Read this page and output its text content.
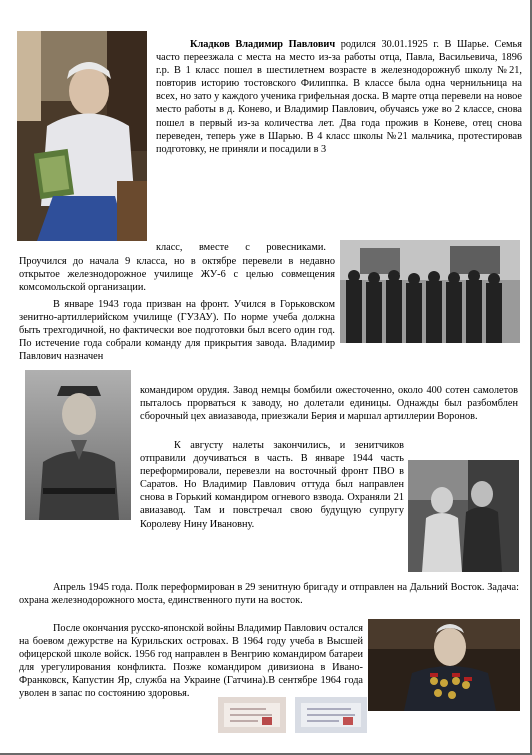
Кладков Владимир Павлович родился 30.01.1925 г. В Шарье. Семья часто переезжала с места на место из-за работы отца, Павла, Васильевича, 1896 г.р. В 1 класс пошел в шестилетнем возрасте в железнодорожнуб школу №21, повторив историю тостовского Филиппка. В классе была одна чернильница на всех, но зато у каждого ученика грифельная доска. В марте отца перевели на новое место работы в д. Конево, и Владимир Павлович, обучаясь уже во 2 классе, снова пошел в первый из-за количества лет. Два года прожив в Коневе, отец снова переведен, теперь уже в Шарью. В 4 класс школы №21 мальчика, протестировав подготовку, не приняли и посадили в 3

класс, вместе с ровесниками.

Проучился до начала 9 класса, но в октябре перевели в недавно открытое железнодорожное училище ЖУ-6 с целью совмещения комсомольской организации.

В январе 1943 года призван на фронт. Учился в Горьковском зенитно-артиллерийском училище (ГУЗАУ). По норме учеба должна быть трехгодичной, но фактически вое подготовки был всего один год. По истечение года собрали команду для прикрытия завода. Владимир Павлович назначен

командиром орудия. Завод немцы бомбили ожесточенно, около 400 сотен самолетов пыталось прорваться к заводу, но долетали единицы. Однажды был разбомблен сборочный цех авиазавода, приезжали Берия и маршал артиллерии Воронов.

К августу налеты закончились, и зенитчиков отправили доучиваться в часть. В январе 1944 часть переформировали, перевезли на восточный фронт ПВО в Саратов. Но Владимир Павлович оттуда был направлен снова в Горький командиром огневого взвода. Охраняли 21 авиазавод. Там и повстречал свою будущую супругу Королеву Нину Ивановну.

Апрель 1945 года. Полк переформирован в 29 зенитную бригаду и отправлен на Дальний Восток. Задача: охрана железнодорожного моста, единственного пути на восток.

После окончания русско-японской войны Владимир Павлович остался на боевом дежурстве на Курильских островах. В 1964 году учеба в Высшей офицерской школе войск. 1956 год направлен в Венгрию командиром батареи для урегулирования конфликта. Позже командиром дивизиона в Ивано-Франковск, Капустин Яр, служба на Украине (Гатчина).В сентябре 1964 года уволен в запас по состоянию здоровья.
